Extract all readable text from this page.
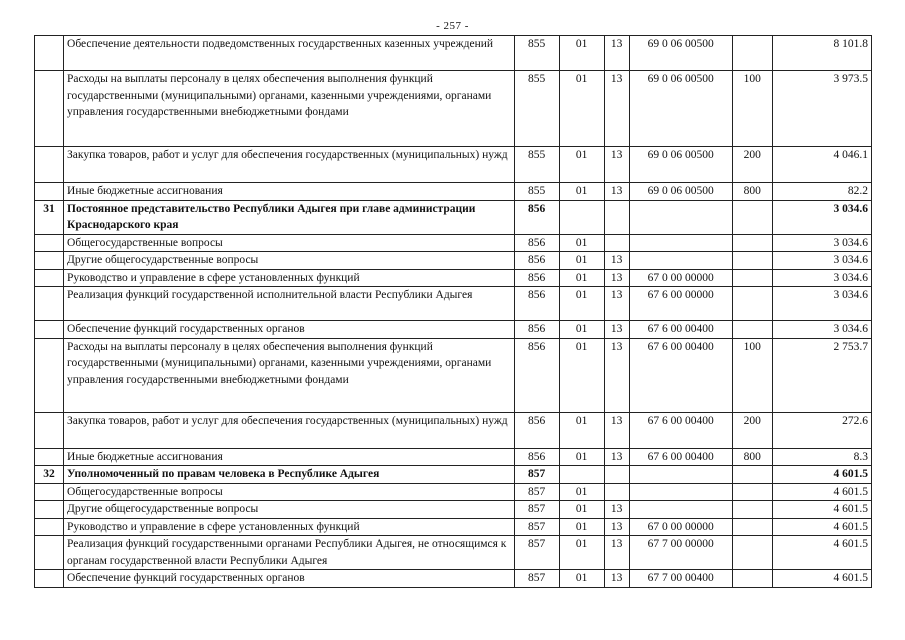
- 257 -
	Обеспечение деятельности подведомственных государственных казенных учреждений	855	01	13	69 0 06 00500		8 101.8
	Расходы на выплаты персоналу в целях обеспечения выполнения функций государственными (муниципальными) органами, казенными учреждениями, органами управления государственными внебюджетными фондами	855	01	13	69 0 06 00500	100	3 973.5
	Закупка товаров, работ и услуг для обеспечения государственных (муниципальных) нужд	855	01	13	69 0 06 00500	200	4 046.1
	Иные бюджетные ассигнования	855	01	13	69 0 06 00500	800	82.2
31	Постоянное представительство Республики Адыгея при главе администрации Краснодарского края	856					3 034.6
	Общегосударственные вопросы	856	01				3 034.6
	Другие общегосударственные вопросы	856	01	13			3 034.6
	Руководство и управление в сфере установленных функций	856	01	13	67 0 00 00000		3 034.6
	Реализация функций государственной исполнительной власти Республики Адыгея	856	01	13	67 6 00 00000		3 034.6
	Обеспечение функций государственных органов	856	01	13	67 6 00 00400		3 034.6
	Расходы на выплаты персоналу в целях обеспечения выполнения функций государственными (муниципальными) органами, казенными учреждениями, органами управления государственными внебюджетными фондами	856	01	13	67 6 00 00400	100	2 753.7
	Закупка товаров, работ и услуг для обеспечения государственных (муниципальных) нужд	856	01	13	67 6 00 00400	200	272.6
	Иные бюджетные ассигнования	856	01	13	67 6 00 00400	800	8.3
32	Уполномоченный по правам человека в Республике Адыгея	857					4 601.5
	Общегосударственные вопросы	857	01				4 601.5
	Другие общегосударственные вопросы	857	01	13			4 601.5
	Руководство и управление в сфере установленных функций	857	01	13	67 0 00 00000		4 601.5
	Реализация функций государственными органами Республики Адыгея, не относящимся к органам государственной власти Республики Адыгея	857	01	13	67 7 00 00000		4 601.5
	Обеспечение функций государственных органов	857	01	13	67 7 00 00400		4 601.5
